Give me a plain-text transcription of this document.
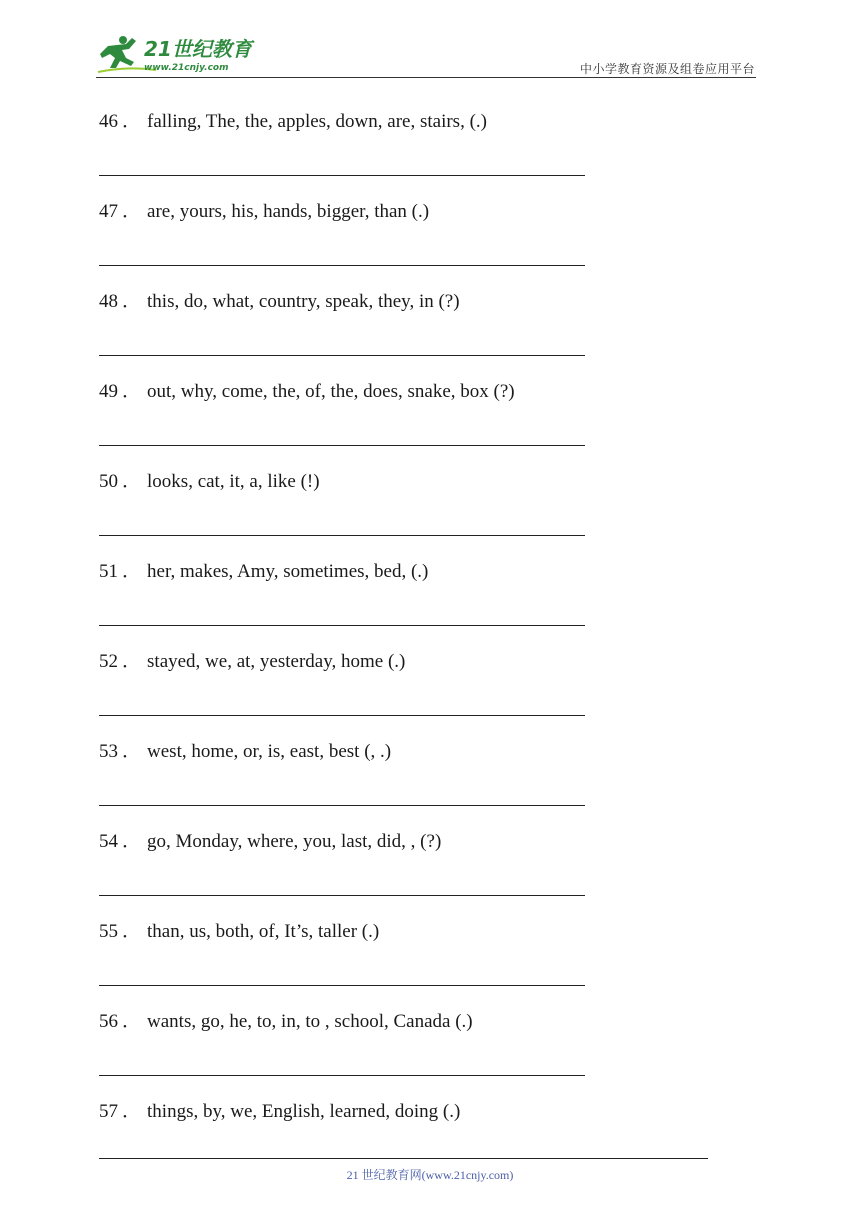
21世纪教育
www.21cnjy.com	中小学教育资源及组卷应用平台
46 ． falling, The, the, apples, down, are, stairs, (.)
47 ． are, yours, his, hands, bigger, than (.)
48 ． this, do, what, country, speak, they, in (?)
49 ． out, why, come, the, of, the, does, snake, box (?)
50 ． looks, cat, it, a, like (!)
51 ． her, makes, Amy, sometimes, bed, (.)
52 ． stayed, we, at, yesterday, home (.)
53 ． west, home, or, is, east, best (, .)
54 ． go, Monday, where, you, last, did, , (?)
55 ． than, us, both, of, It’s, taller (.)
56 ． wants, go, he, to, in, to , school, Canada (.)
57 ． things, by, we, English, learned, doing (.)
21 世纪教育网(www.21cnjy.com)
